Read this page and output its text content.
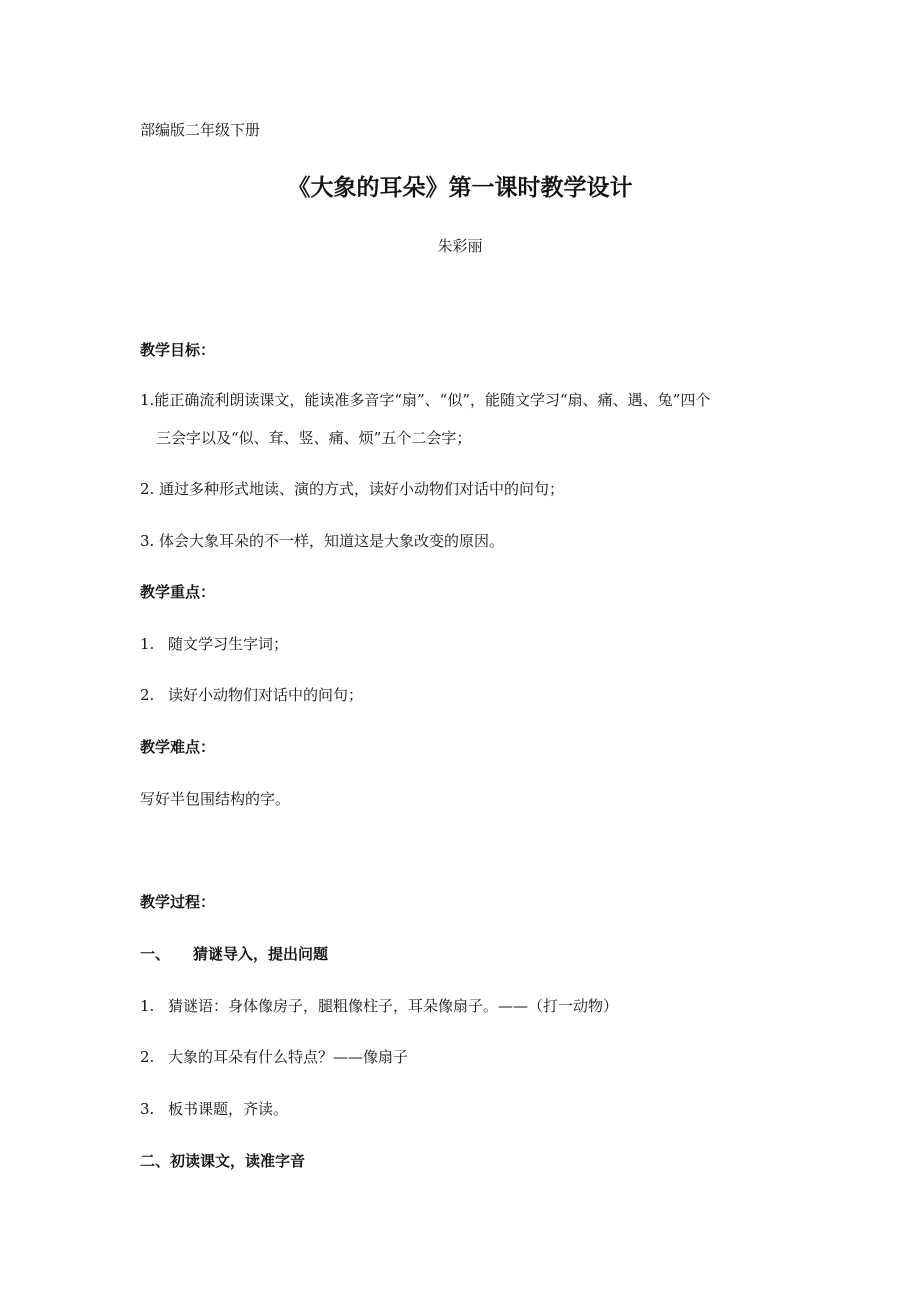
部编版二年级下册
《大象的耳朵》第一课时教学设计
朱彩丽
教学目标：
1.能正确流利朗读课文，能读准多音字“扇”、“似”，能随文学习“扇、痛、遇、兔”四个
三会字以及“似、耷、竖、痛、烦”五个二会字；
2. 通过多种形式地读、演的方式，读好小动物们对话中的问句；
3. 体会大象耳朵的不一样，知道这是大象改变的原因。
教学重点：
1. 随文学习生字词；
2. 读好小动物们对话中的问句；
教学难点：
写好半包围结构的字。
教学过程：
一、 猜谜导入，提出问题
1. 猜谜语：身体像房子，腿粗像柱子，耳朵像扇子。——（打一动物）
2. 大象的耳朵有什么特点？——像扇子
3. 板书课题，齐读。
二、初读课文，读准字音
